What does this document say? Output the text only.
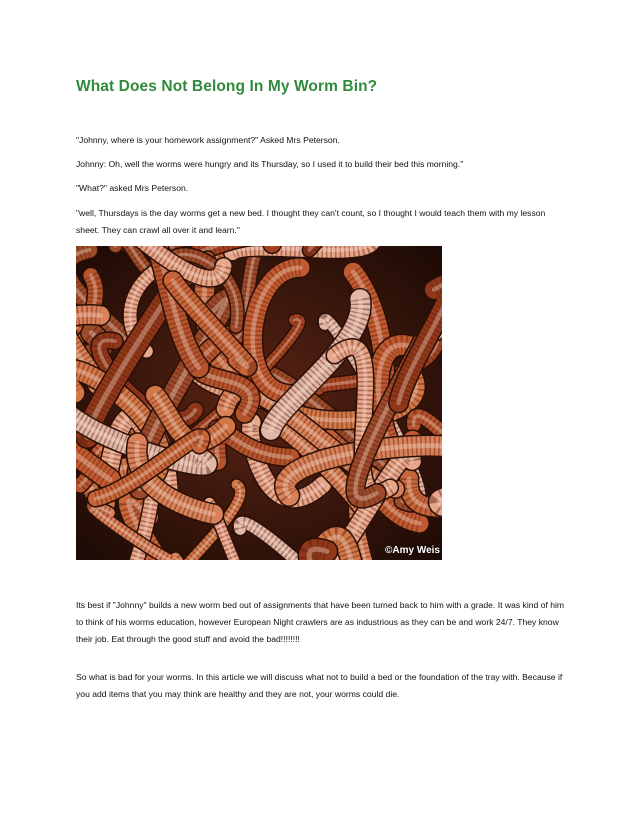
What Does Not Belong In My Worm Bin?

"Johnny, where is your homework assignment?" Asked Mrs Peterson.

Johnny: Oh, well the worms were hungry and its Thursday, so I used it to build their bed this morning."

"What?" asked Mrs Peterson.

"well, Thursdays is the day worms get a new bed. I thought they can't count, so I thought I would teach them with my lesson sheet. They can crawl all over it and learn."

©Amy Weis

Its best if "Johnny" builds a new worm bed out of assignments that have been turned back to him with a grade. It was kind of him to think of his worms education, however European Night crawlers are as industrious as they can be and work 24/7. They know their job. Eat through the good stuff and avoid the bad!!!!!!!!

So what is bad for your worms. In this article we will discuss what not to build a bed or the foundation of the tray with. Because if you add items that you may think are healthy and they are not, your worms could die.
